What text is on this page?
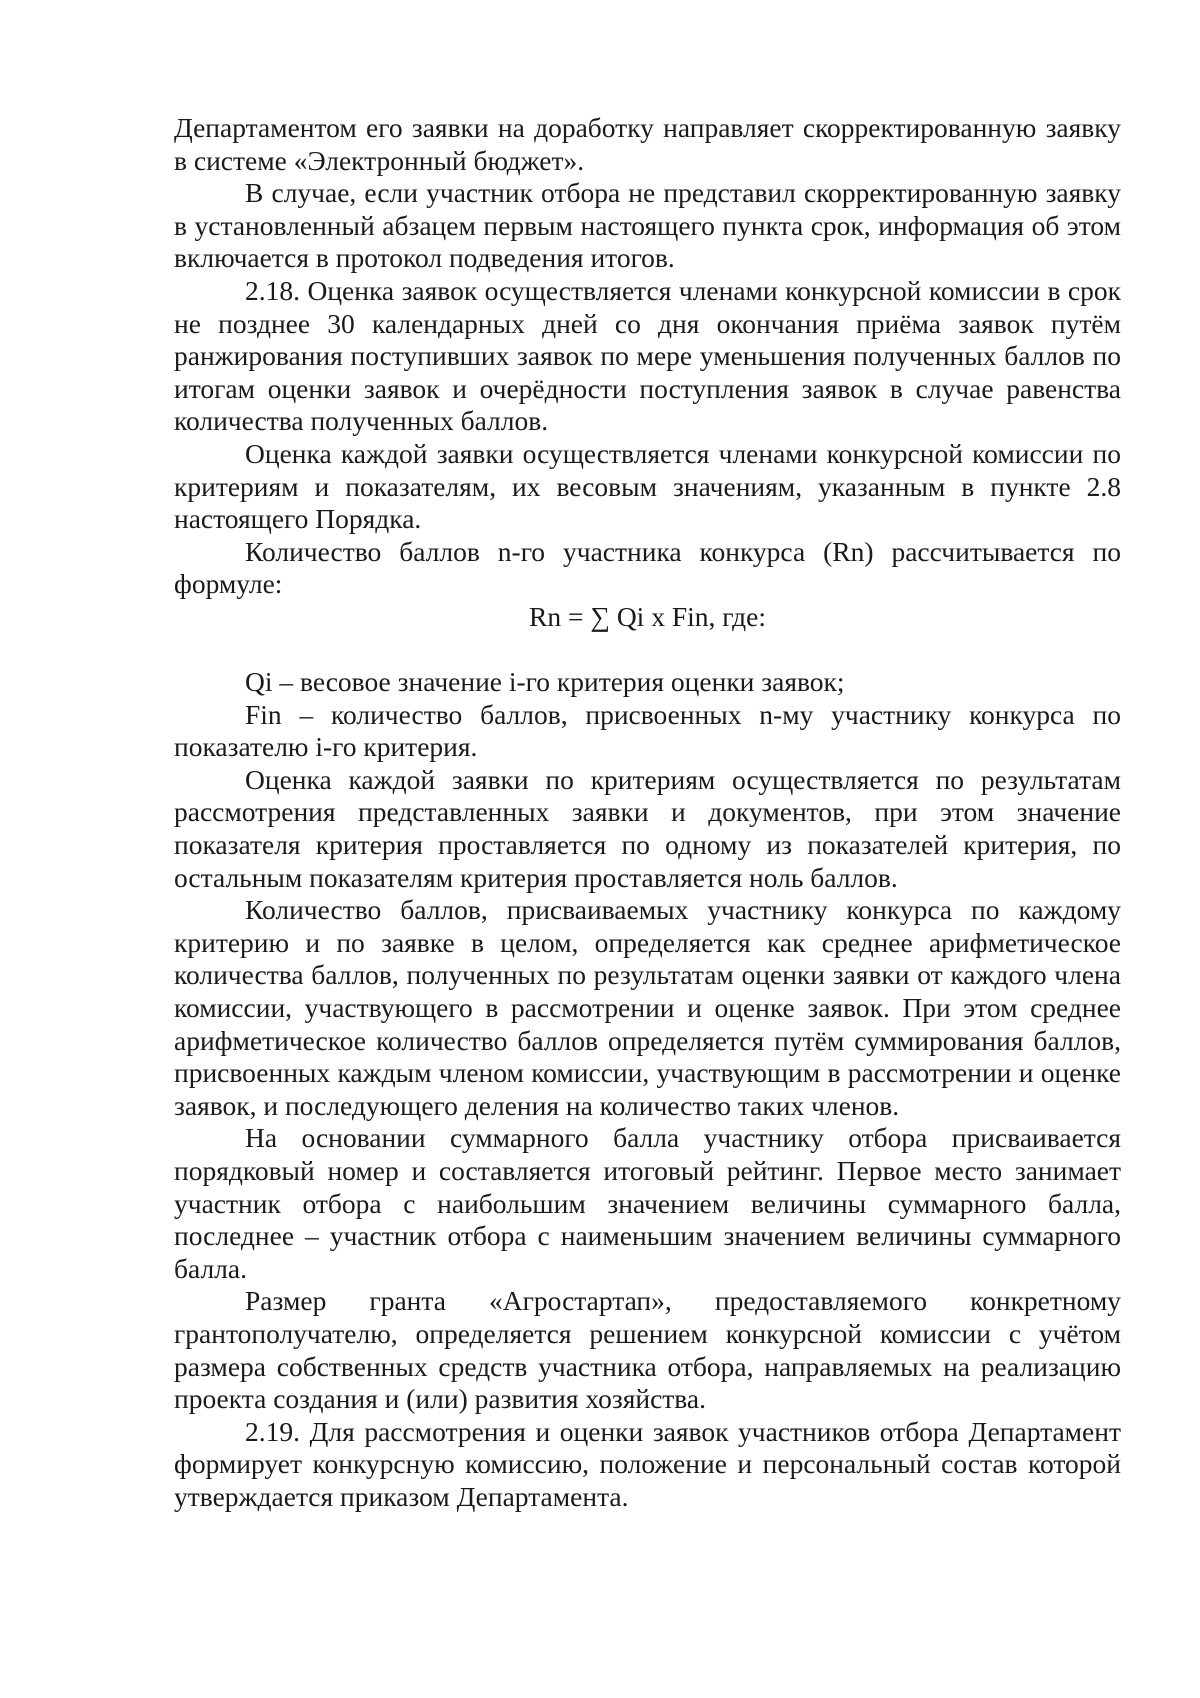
Департаментом его заявки на доработку направляет скорректированную заявку в системе «Электронный бюджет».

В случае, если участник отбора не представил скорректированную заявку в установленный абзацем первым настоящего пункта срок, информация об этом включается в протокол подведения итогов.

2.18. Оценка заявок осуществляется членами конкурсной комиссии в срок не позднее 30 календарных дней со дня окончания приёма заявок путём ранжирования поступивших заявок по мере уменьшения полученных баллов по итогам оценки заявок и очерёдности поступления заявок в случае равенства количества полученных баллов.

Оценка каждой заявки осуществляется членами конкурсной комиссии по критериям и показателям, их весовым значениям, указанным в пункте 2.8 настоящего Порядка.

Количество баллов n-го участника конкурса (Rn) рассчитывается по формуле:

Rn = ∑ Qi x Fin, где:

Qi – весовое значение i-го критерия оценки заявок;

Fin – количество баллов, присвоенных n-му участнику конкурса по показателю i-го критерия.

Оценка каждой заявки по критериям осуществляется по результатам рассмотрения представленных заявки и документов, при этом значение показателя критерия проставляется по одному из показателей критерия, по остальным показателям критерия проставляется ноль баллов.

Количество баллов, присваиваемых участнику конкурса по каждому критерию и по заявке в целом, определяется как среднее арифметическое количества баллов, полученных по результатам оценки заявки от каждого члена комиссии, участвующего в рассмотрении и оценке заявок. При этом среднее арифметическое количество баллов определяется путём суммирования баллов, присвоенных каждым членом комиссии, участвующим в рассмотрении и оценке заявок, и последующего деления на количество таких членов.

На основании суммарного балла участнику отбора присваивается порядковый номер и составляется итоговый рейтинг. Первое место занимает участник отбора с наибольшим значением величины суммарного балла, последнее – участник отбора с наименьшим значением величины суммарного балла.

Размер гранта «Агростартап», предоставляемого конкретному грантополучателю, определяется решением конкурсной комиссии с учётом размера собственных средств участника отбора, направляемых на реализацию проекта создания и (или) развития хозяйства.

2.19. Для рассмотрения и оценки заявок участников отбора Департамент формирует конкурсную комиссию, положение и персональный состав которой утверждается приказом Департамента.
